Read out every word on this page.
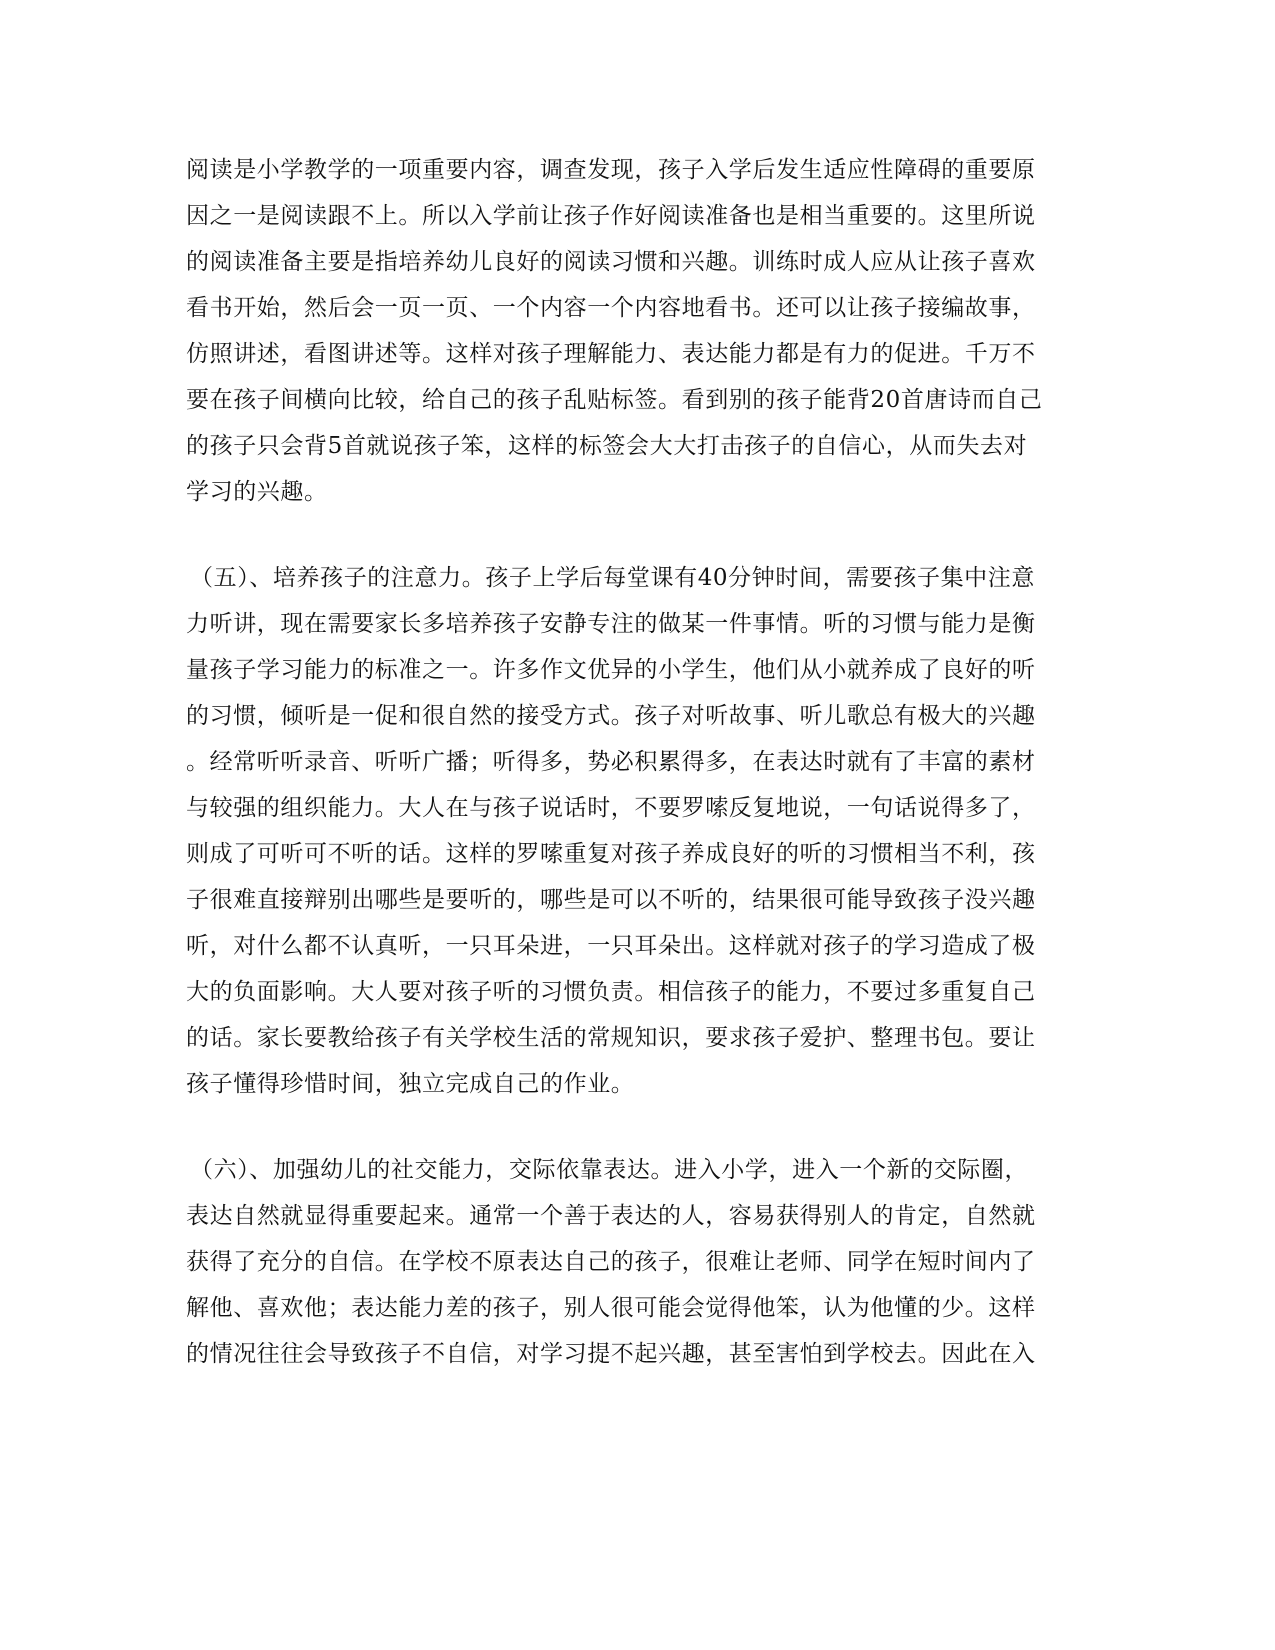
阅读是小学教学的一项重要内容，调查发现，孩子入学后发生适应性障碍的重要原
因之一是阅读跟不上。所以入学前让孩子作好阅读准备也是相当重要的。这里所说
的阅读准备主要是指培养幼儿良好的阅读习惯和兴趣。训练时成人应从让孩子喜欢
看书开始，然后会一页一页、一个内容一个内容地看书。还可以让孩子接编故事，
仿照讲述，看图讲述等。这样对孩子理解能力、表达能力都是有力的促进。千万不
要在孩子间横向比较，给自己的孩子乱贴标签。看到别的孩子能背20首唐诗而自己
的孩子只会背5首就说孩子笨，这样的标签会大大打击孩子的自信心，从而失去对
学习的兴趣。
（五）、培养孩子的注意力。孩子上学后每堂课有40分钟时间，需要孩子集中注意
力听讲，现在需要家长多培养孩子安静专注的做某一件事情。听的习惯与能力是衡
量孩子学习能力的标准之一。许多作文优异的小学生，他们从小就养成了良好的听
的习惯，倾听是一促和很自然的接受方式。孩子对听故事、听儿歌总有极大的兴趣
。经常听听录音、听听广播；听得多，势必积累得多，在表达时就有了丰富的素材
与较强的组织能力。大人在与孩子说话时，不要罗嗦反复地说，一句话说得多了，
则成了可听可不听的话。这样的罗嗦重复对孩子养成良好的听的习惯相当不利，孩
子很难直接辩别出哪些是要听的，哪些是可以不听的，结果很可能导致孩子没兴趣
听，对什么都不认真听，一只耳朵进，一只耳朵出。这样就对孩子的学习造成了极
大的负面影响。大人要对孩子听的习惯负责。相信孩子的能力，不要过多重复自己
的话。家长要教给孩子有关学校生活的常规知识，要求孩子爱护、整理书包。要让
孩子懂得珍惜时间，独立完成自己的作业。
（六）、加强幼儿的社交能力，交际依靠表达。进入小学，进入一个新的交际圈，
表达自然就显得重要起来。通常一个善于表达的人，容易获得别人的肯定，自然就
获得了充分的自信。在学校不原表达自己的孩子，很难让老师、同学在短时间内了
解他、喜欢他；表达能力差的孩子，别人很可能会觉得他笨，认为他懂的少。这样
的情况往往会导致孩子不自信，对学习提不起兴趣，甚至害怕到学校去。因此在入
